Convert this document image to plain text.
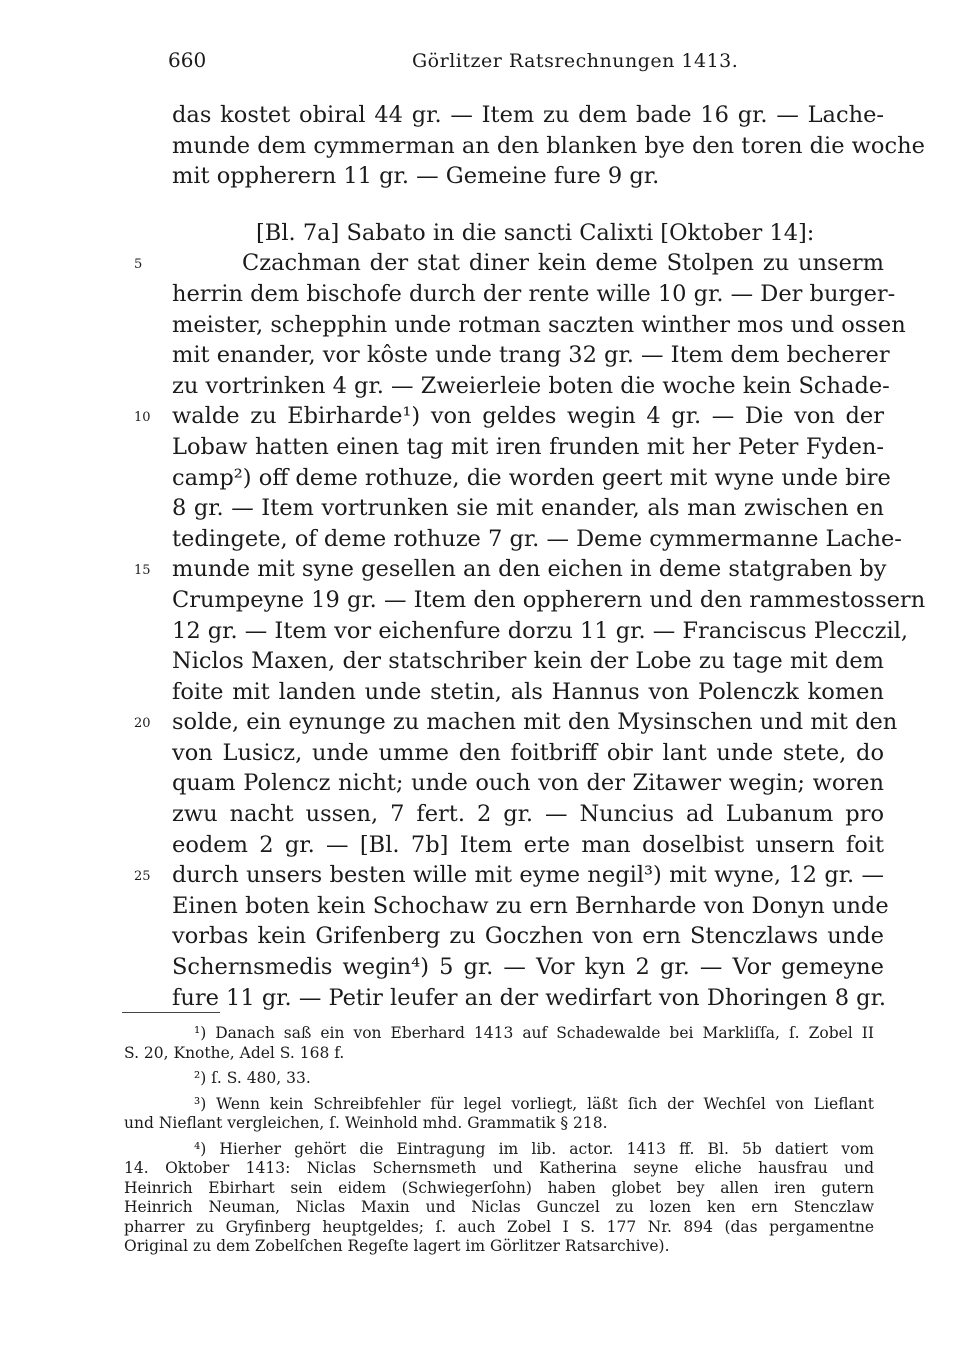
660	Görlitzer Ratsrechnungen 1413.
das kostet obiral 44 gr. — Item zu dem bade 16 gr. — Lache-
munde dem cymmerman an den blanken bye den toren die woche
mit oppherern 11 gr. — Gemeine fure 9 gr.
[Bl. 7a] Sabato in die sancti Calixti [Oktober 14]:
5	Czachman der stat diner kein deme Stolpen zu unserm
herrin dem bischofe durch der rente wille 10 gr. — Der burger-
meister, schepphin unde rotman saczten winther mos und ossen
mit enander, vor kôste unde trang 32 gr. — Item dem becherer
zu vortrinken 4 gr. — Zweierleie boten die woche kein Schade-
10 walde zu Ebirharde¹) von geldes wegin 4 gr. — Die von der
Lobaw hatten einen tag mit iren frunden mit her Peter Fyden-
camp²) off deme rothuze, die worden geert mit wyne unde bire
8 gr. — Item vortrunken sie mit enander, als man zwischen en
tedingete, of deme rothuze 7 gr. — Deme cymmermanne Lache-
15 munde mit syne gesellen an den eichen in deme statgraben by
Crumpeyne 19 gr. — Item den oppherern und den rammestossern
12 gr. — Item vor eichenfure dorzu 11 gr. — Franciscus Plecczil,
Niclos Maxen, der statschriber kein der Lobe zu tage mit dem
foite mit landen unde stetin, als Hannus von Polenczk komen
20 solde, ein eynunge zu machen mit den Mysinschen und mit den
von Lusicz, unde umme den foitbriff obir lant unde stete, do
quam Polencz nicht; unde ouch von der Zitawer wegin; woren
zwu nacht ussen, 7 fert. 2 gr. — Nuncius ad Lubanum pro
eodem 2 gr. — [Bl. 7b] Item erte man doselbist unsern foit
25 durch unsers besten wille mit eyme negil³) mit wyne, 12 gr. —
Einen boten kein Schochaw zu ern Bernharde von Donyn unde
vorbas kein Grifenberg zu Goczhen von ern Stenczlaws unde
Schernsmedis wegin⁴) 5 gr. — Vor kyn 2 gr. — Vor gemeyne
fure 11 gr. — Petir leufer an der wedirfart von Dhoringen 8 gr.
¹) Danach saß ein von Eberhard 1413 auf Schadewalde bei Markliſſa, ſ. Zobel II
S. 20, Knothe, Adel S. 168 f.
²) ſ. S. 480, 33.
³) Wenn kein Schreibfehler für legel vorliegt, läßt ſich der Wechſel von Lieflant
und Nieflant vergleichen, ſ. Weinhold mhd. Grammatik § 218.
⁴) Hierher gehört die Eintragung im lib. actor. 1413 ff. Bl. 5b datiert vom
14. Oktober 1413: Niclas Schernsmeth und Katherina seyne eliche hausfrau und
Heinrich Ebirhart sein eidem (Schwiegerſohn) haben globet bey allen iren gutern
Heinrich Neuman, Niclas Maxin und Niclas Gunczel zu lozen ken ern Stenczlaw
pharrer zu Gryfinberg heuptgeldes; ſ. auch Zobel I S. 177 Nr. 894 (das pergamentne
Original zu dem Zobelſchen Regeſte lagert im Görlitzer Ratsarchive).
